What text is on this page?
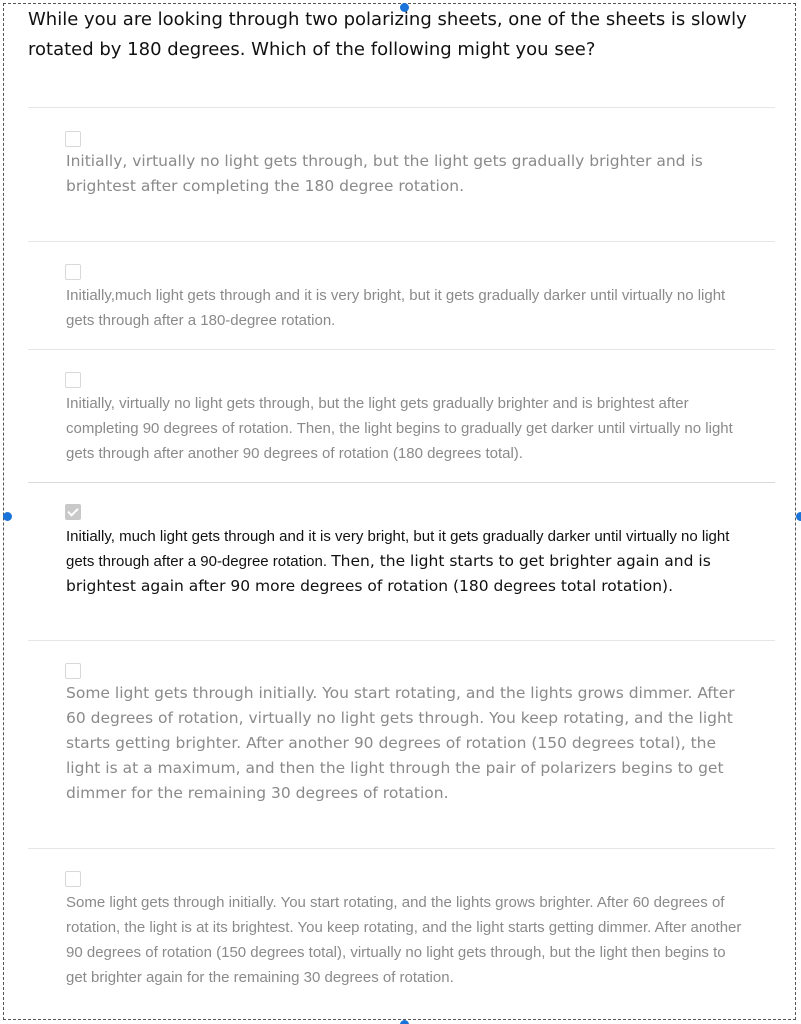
While you are looking through two polarizing sheets, one of the sheets is slowly rotated by 180 degrees. Which of the following might you see?

Initially, virtually no light gets through, but the light gets gradually brighter and is brightest after completing the 180 degree rotation.

Initially,much light gets through and it is very bright, but it gets gradually darker until virtually no light gets through after a 180-degree rotation.

Initially, virtually no light gets through, but the light gets gradually brighter and is brightest after completing 90 degrees of rotation. Then, the light begins to gradually get darker until virtually no light gets through after another 90 degrees of rotation (180 degrees total).

Initially, much light gets through and it is very bright, but it gets gradually darker until virtually no light gets through after a 90-degree rotation. Then, the light starts to get brighter again and is brightest again after 90 more degrees of rotation (180 degrees total rotation).

Some light gets through initially. You start rotating, and the lights grows dimmer. After 60 degrees of rotation, virtually no light gets through. You keep rotating, and the light starts getting brighter. After another 90 degrees of rotation (150 degrees total), the light is at a maximum, and then the light through the pair of polarizers begins to get dimmer for the remaining 30 degrees of rotation.

Some light gets through initially. You start rotating, and the lights grows brighter. After 60 degrees of rotation, the light is at its brightest. You keep rotating, and the light starts getting dimmer. After another 90 degrees of rotation (150 degrees total), virtually no light gets through, but the light then begins to get brighter again for the remaining 30 degrees of rotation.
